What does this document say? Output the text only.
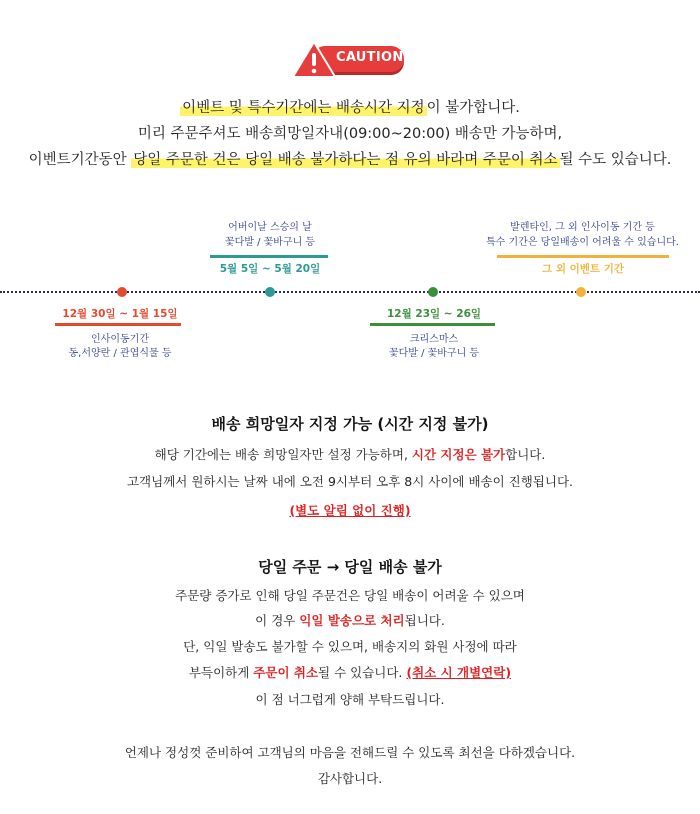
CAUTION
이벤트 및 특수기간에는 배송시간 지정 이 불가합니다.
미리 주문주셔도 배송희망일자내(09:00~20:00) 배송만 가능하며,
이벤트기간동안 당일 주문한 건은 당일 배송 불가하다는 점 유의 바라며 주문이 취소 될 수도 있습니다.
어버이날 스승의 날
꽃다발 / 꽃바구니 등
5월 5일 ~ 5월 20일
발렌타인, 그 외 인사이동 기간 등
특수 기간은 당일배송이 어려울 수 있습니다.
그 외 이벤트 기간
12월 30일 ~ 1월 15일
인사이동기간
동,서양란 / 관엽식물 등
12월 23일 ~ 26일
크리스마스
꽃다발 / 꽃바구니 등
배송 희망일자 지정 가능 (시간 지정 불가)
해당 기간에는 배송 희망일자만 설정 가능하며, 시간 지정은 불가합니다.
고객님께서 원하시는 날짜 내에 오전 9시부터 오후 8시 사이에 배송이 진행됩니다.
(별도 알림 없이 진행)
당일 주문 → 당일 배송 불가
주문량 증가로 인해 당일 주문건은 당일 배송이 어려울 수 있으며
이 경우 익일 발송으로 처리됩니다.
단, 익일 발송도 불가할 수 있으며, 배송지의 화원 사정에 따라
부득이하게 주문이 취소될 수 있습니다. (취소 시 개별연락)
이 점 너그럽게 양해 부탁드립니다.
언제나 정성껏 준비하여 고객님의 마음을 전해드릴 수 있도록 최선을 다하겠습니다.
감사합니다.
